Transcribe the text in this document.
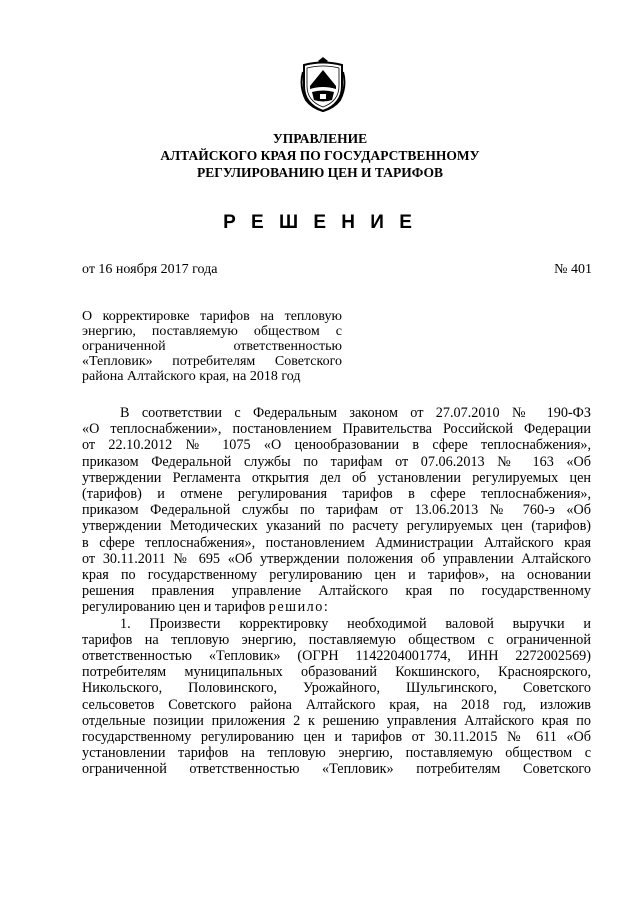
УПРАВЛЕНИЕ
АЛТАЙСКОГО КРАЯ ПО ГОСУДАРСТВЕННОМУ
РЕГУЛИРОВАНИЮ ЦЕН И ТАРИФОВ
Р Е Ш Е Н И Е
от 16 ноября 2017 года	№ 401
О корректировке тарифов на тепловую
энергию, поставляемую обществом с
ограниченной ответственностью
«Тепловик» потребителям Советского
района Алтайского края, на 2018 год
В соответствии с Федеральным законом от 27.07.2010 № 190-ФЗ
«О теплоснабжении», постановлением Правительства Российской Федерации
от 22.10.2012 № 1075 «О ценообразовании в сфере теплоснабжения»,
приказом Федеральной службы по тарифам от 07.06.2013 № 163 «Об
утверждении Регламента открытия дел об установлении регулируемых цен
(тарифов) и отмене регулирования тарифов в сфере теплоснабжения»,
приказом Федеральной службы по тарифам от 13.06.2013 № 760-э «Об
утверждении Методических указаний по расчету регулируемых цен (тарифов)
в сфере теплоснабжения», постановлением Администрации Алтайского края
от 30.11.2011 № 695 «Об утверждении положения об управлении Алтайского
края по государственному регулированию цен и тарифов», на основании
решения правления управление Алтайского края по государственному
регулированию цен и тарифов решило:
1. Произвести корректировку необходимой валовой выручки и
тарифов на тепловую энергию, поставляемую обществом с ограниченной
ответственностью «Тепловик» (ОГРН 1142204001774, ИНН 2272002569)
потребителям муниципальных образований Кокшинского, Красноярского,
Никольского, Половинского, Урожайного, Шульгинского, Советского
сельсоветов Советского района Алтайского края, на 2018 год, изложив
отдельные позиции приложения 2 к решению управления Алтайского края по
государственному регулированию цен и тарифов от 30.11.2015 № 611 «Об
установлении тарифов на тепловую энергию, поставляемую обществом с
ограниченной ответственностью «Тепловик» потребителям Советского
